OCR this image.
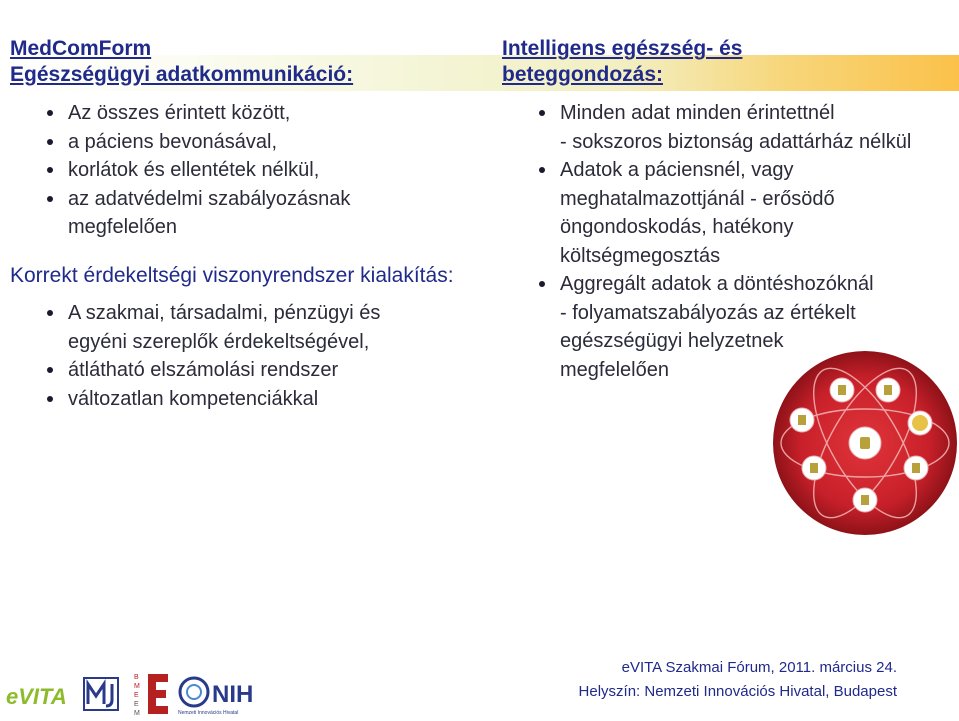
MedComForm
Egészségügyi adatkommunikáció:
Az összes érintett között,
a páciens bevonásával,
korlátok és ellentétek nélkül,
az adatvédelmi szabályozásnak
megfelelően
Korrekt érdekeltségi viszonyrendszer kialakítás:
A szakmai, társadalmi, pénzügyi és
egyéni szereplők érdekeltségével,
átlátható elszámolási rendszer
változatlan kompetenciákkal
Intelligens egészség- és
beteggondozás:
Minden adat minden érintettnél
- sokszoros biztonság adattárház nélkül
Adatok a páciensnél, vagy
meghatalmazottjánál - erősödő
öngondoskodás, hatékony
költségmegosztás
Aggregált adatok a döntéshozóknál
- folyamatszabályozás az értékelt
egészségügyi helyzetnek
megfelelően
eVITA Szakmai Fórum, 2011. március 24.
Helyszín: Nemzeti Innovációs Hivatal, Budapest
eVITA
B
M
E
E
M
NIH
Nemzeti Innovációs Hivatal
